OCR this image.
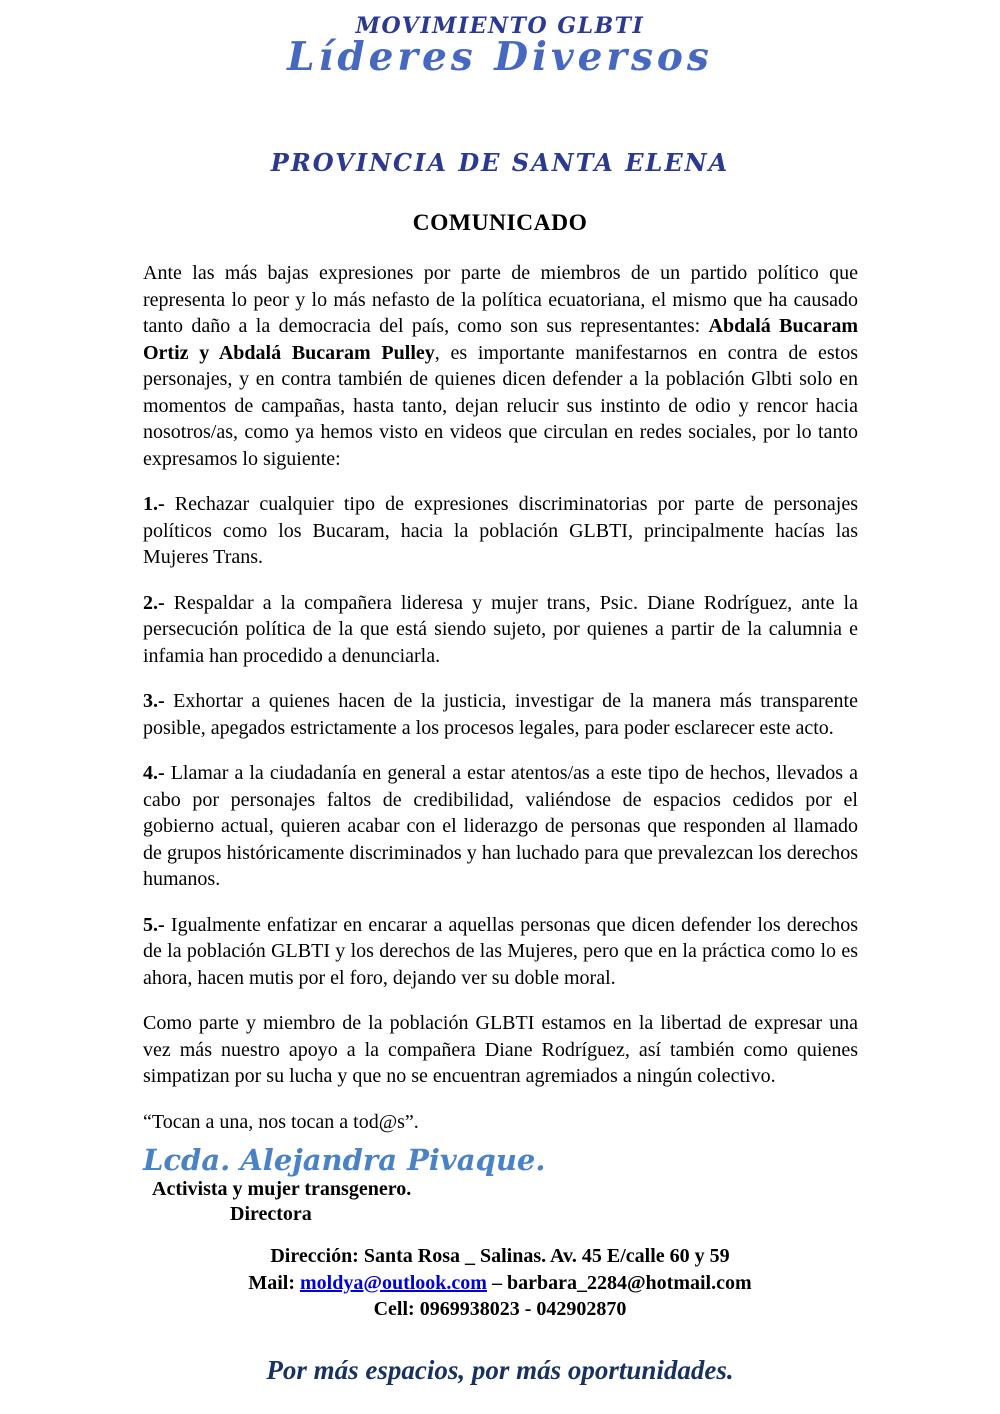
MOVIMIENTO GLBTI
Líderes Diversos
PROVINCIA DE SANTA ELENA
COMUNICADO

Ante las más bajas expresiones por parte de miembros de un partido político que representa lo peor y lo más nefasto de la política ecuatoriana, el mismo que ha causado tanto daño a la democracia del país, como son sus representantes: Abdalá Bucaram Ortiz y Abdalá Bucaram Pulley, es importante manifestarnos en contra de estos personajes, y en contra también de quienes dicen defender a la población Glbti solo en momentos de campañas, hasta tanto, dejan relucir sus instinto de odio y rencor hacia nosotros/as, como ya hemos visto en videos que circulan en redes sociales, por lo tanto expresamos lo siguiente:

1.- Rechazar cualquier tipo de expresiones discriminatorias por parte de personajes políticos como los Bucaram, hacia la población GLBTI, principalmente hacías las Mujeres Trans.

2.- Respaldar a la compañera lideresa y mujer trans, Psic. Diane Rodríguez, ante la persecución política de la que está siendo sujeto, por quienes a partir de la calumnia e infamia han procedido a denunciarla.

3.- Exhortar a quienes hacen de la justicia, investigar de la manera más transparente posible, apegados estrictamente a los procesos legales, para poder esclarecer este acto.

4.- Llamar a la ciudadanía en general a estar atentos/as a este tipo de hechos, llevados a cabo por personajes faltos de credibilidad, valiéndose de espacios cedidos por el gobierno actual, quieren acabar con el liderazgo de personas que responden al llamado de grupos históricamente discriminados y han luchado para que prevalezcan los derechos humanos.

5.- Igualmente enfatizar en encarar a aquellas personas que dicen defender los derechos de la población GLBTI y los derechos de las Mujeres, pero que en la práctica como lo es ahora, hacen mutis por el foro, dejando ver su doble moral.

Como parte y miembro de la población GLBTI estamos en la libertad de expresar una vez más nuestro apoyo a la compañera Diane Rodríguez, así también como quienes simpatizan por su lucha y que no se encuentran agremiados a ningún colectivo.

“Tocan a una, nos tocan a tod@s”.

Lcda. Alejandra Pivaque.
Activista y mujer transgenero.
Directora
Dirección: Santa Rosa _ Salinas. Av. 45 E/calle 60 y 59
Mail: moldya@outlook.com – barbara_2284@hotmail.com
Cell: 0969938023 - 042902870
Por más espacios, por más oportunidades.
